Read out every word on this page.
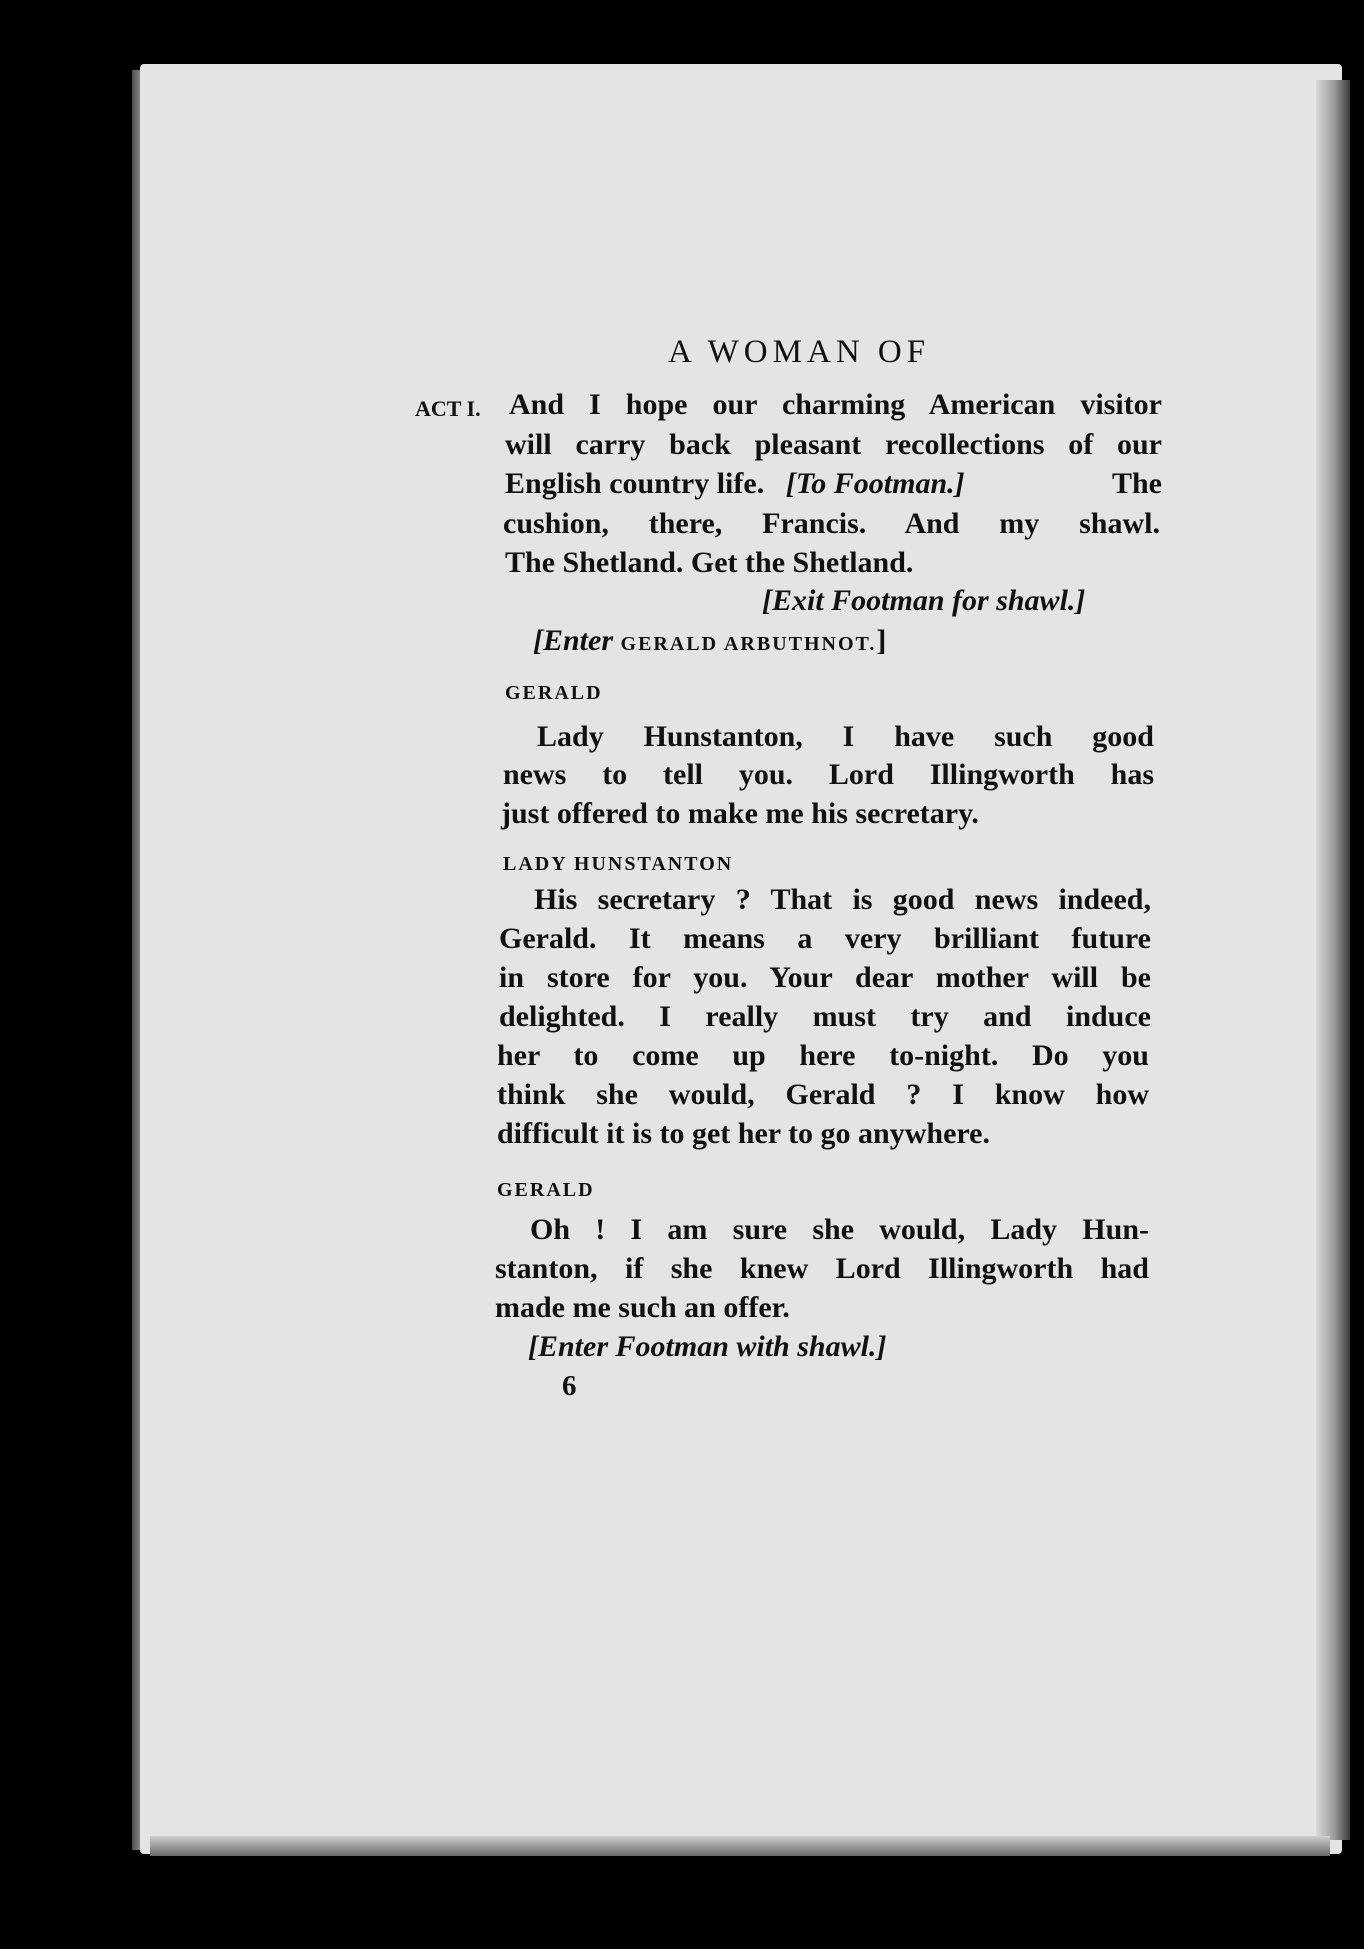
A WOMAN OF
ACT I. And I hope our charming American visitor
will carry back pleasant recollections of our
English country life. [To Footman.]	The
cushion, there, Francis. And my shawl.
The Shetland. Get the Shetland.
[Exit Footman for shawl.]
[Enter GERALD ARBUTHNOT.]
GERALD
Lady Hunstanton, I have such good
news to tell you. Lord Illingworth has
just offered to make me his secretary.
LADY HUNSTANTON
His secretary ? That is good news indeed,
Gerald. It means a very brilliant future
in store for you. Your dear mother will be
delighted. I really must try and induce
her to come up here to-night. Do you
think she would, Gerald ? I know how
difficult it is to get her to go anywhere.
GERALD
Oh ! I am sure she would, Lady Hun-
stanton, if she knew Lord Illingworth had
made me such an offer.
[Enter Footman with shawl.]
6
